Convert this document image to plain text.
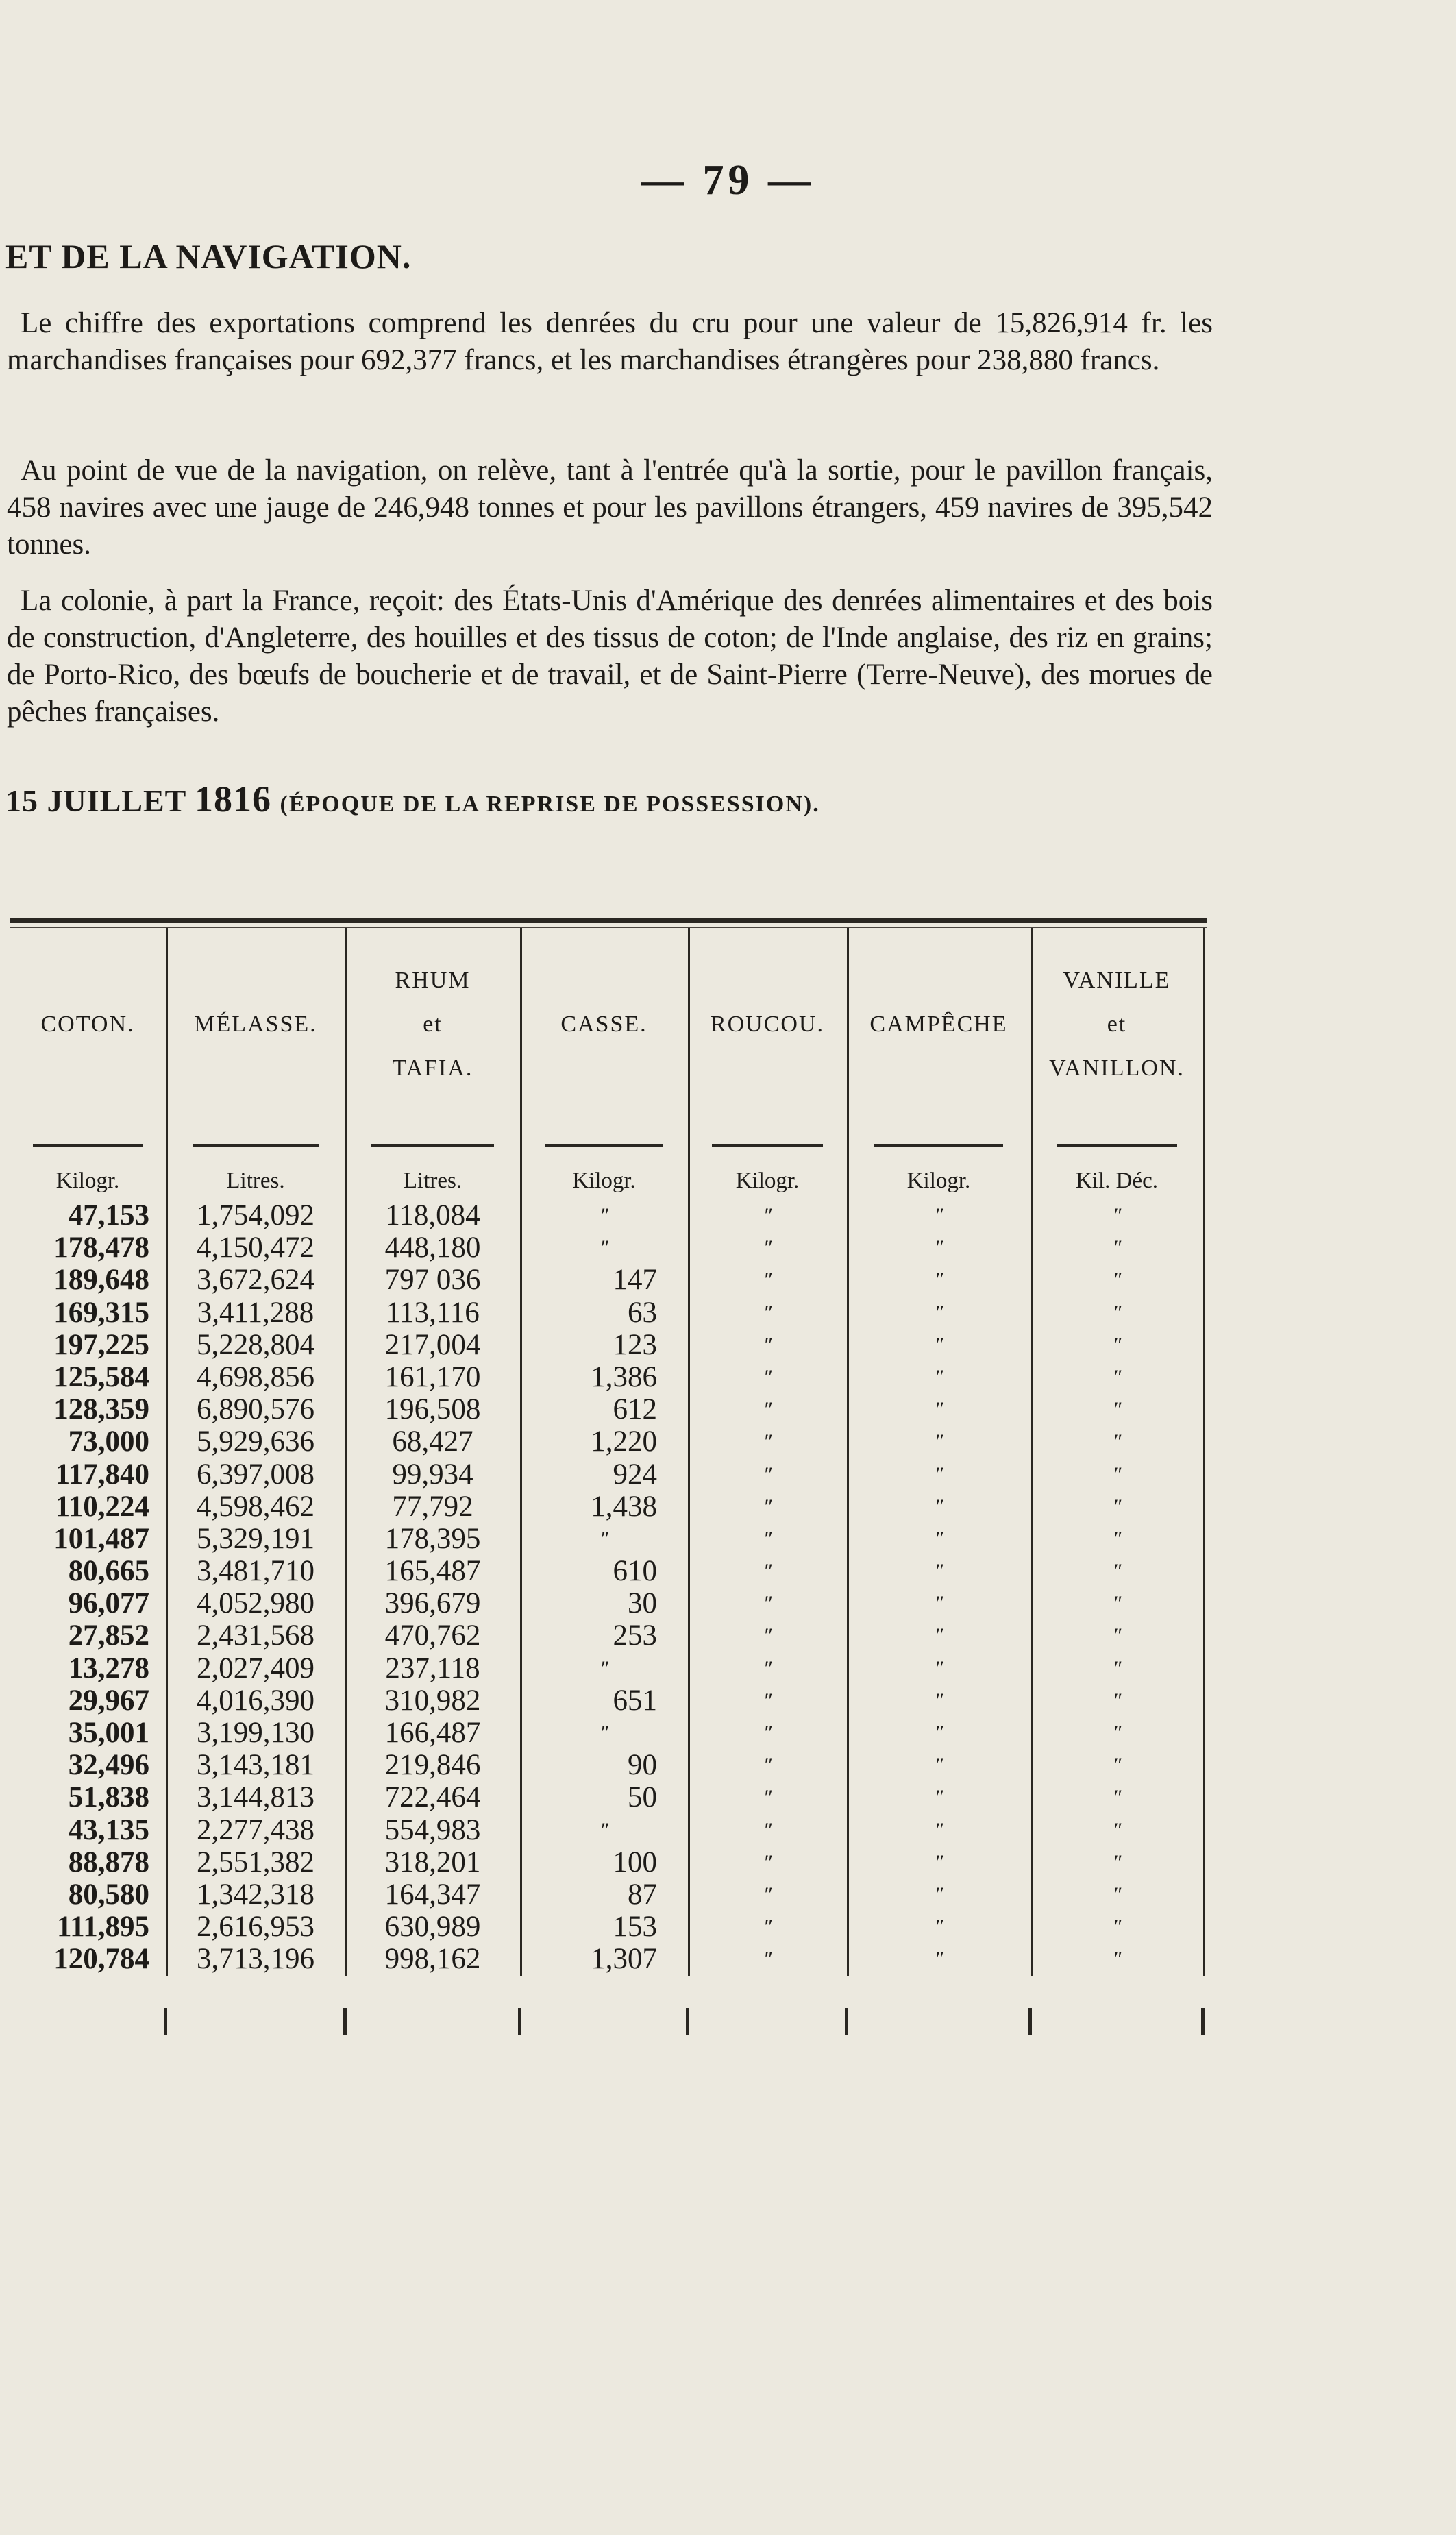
— 79 —
ET DE LA NAVIGATION.
Le chiffre des exportations comprend les denrées du cru pour une valeur de 15,826,914 fr. les marchandises françaises pour 692,377 francs, et les marchandises étrangères pour 238,880 francs.
Au point de vue de la navigation, on relève, tant à l'entrée qu'à la sortie, pour le pavillon français, 458 navires avec une jauge de 246,948 tonnes et pour les pavillons étrangers, 459 navires de 395,542 tonnes.
La colonie, à part la France, reçoit: des États-Unis d'Amérique des denrées alimentaires et des bois de construction, d'Angleterre, des houilles et des tissus de coton; de l'Inde anglaise, des riz en grains; de Porto-Rico, des bœufs de boucherie et de travail, et de Saint-Pierre (Terre-Neuve), des morues de pêches françaises.
15 JUILLET 1816 (ÉPOQUE DE LA REPRISE DE POSSESSION).
COTON.
Kilogr.
47,153
178,478
189,648
169,315
197,225
125,584
128,359
73,000
117,840
110,224
101,487
80,665
96,077
27,852
13,278
29,967
35,001
32,496
51,838
43,135
88,878
80,580
111,895
120,784
MÉLASSE.
Litres.
1,754,092
4,150,472
3,672,624
3,411,288
5,228,804
4,698,856
6,890,576
5,929,636
6,397,008
4,598,462
5,329,191
3,481,710
4,052,980
2,431,568
2,027,409
4,016,390
3,199,130
3,143,181
3,144,813
2,277,438
2,551,382
1,342,318
2,616,953
3,713,196
RHUM
et
TAFIA.
Litres.
118,084
448,180
797 036
113,116
217,004
161,170
196,508
68,427
99,934
77,792
178,395
165,487
396,679
470,762
237,118
310,982
166,487
219,846
722,464
554,983
318,201
164,347
630,989
998,162
CASSE.
Kilogr.
″
″
147
63
123
1,386
612
1,220
924
1,438
″
610
30
253
″
651
″
90
50
″
100
87
153
1,307
ROUCOU.
Kilogr.
″
″
″
″
″
″
″
″
″
″
″
″
″
″
″
″
″
″
″
″
″
″
″
″
CAMPÊCHE
Kilogr.
″
″
″
″
″
″
″
″
″
″
″
″
″
″
″
″
″
″
″
″
″
″
″
″
VANILLE
et
VANILLON.
Kil. Déc.
″
″
″
″
″
″
″
″
″
″
″
″
″
″
″
″
″
″
″
″
″
″
″
″
